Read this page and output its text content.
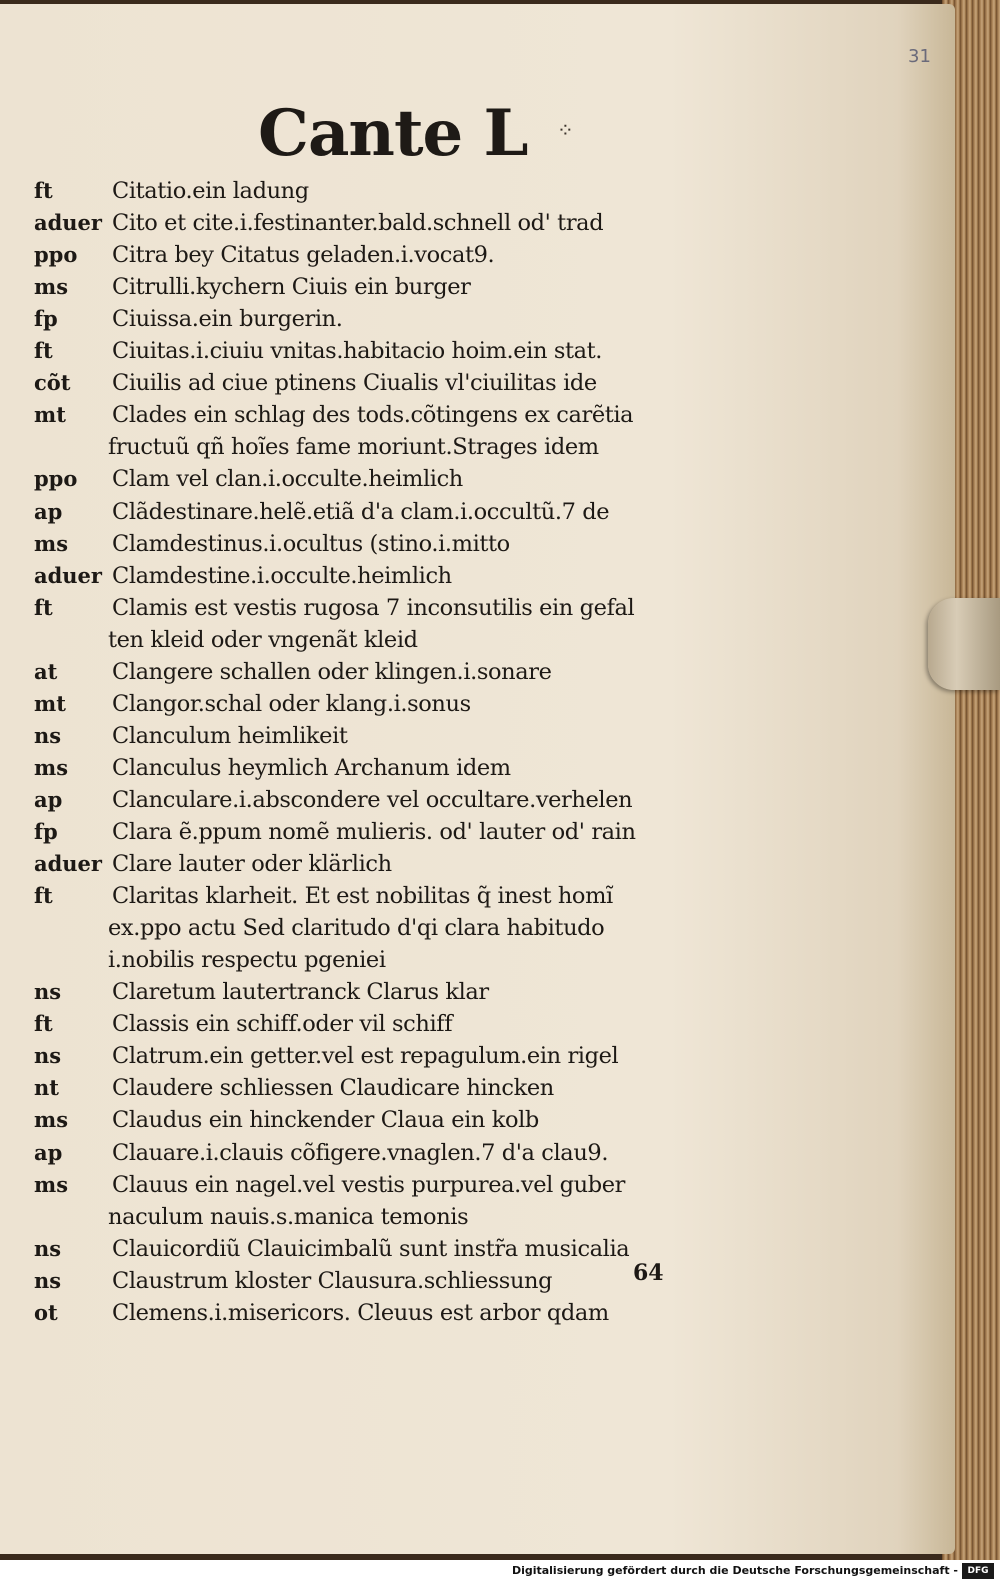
31
Cante L ⁘
ft	Citatio.ein ladung
aduer Cito et cite.i.festinanter.bald.schnell od' trad
ppo	Citra bey Citatus geladen.i.vocat9.
ms	Citrulli.kychern Ciuis ein burger
fp	Ciuissa.ein burgerin.
ft	Ciuitas.i.ciuiu vnitas.habitacio hoim.ein stat.
cõt	Ciuilis ad ciue ptinens Ciualis vl'ciuilitas ide
mt	Clades ein schlag des tods.cõtingens ex carẽtia
fructuũ qñ hoĩes fame moriunt.Strages idem
ppo	Clam vel clan.i.occulte.heimlich
ap	Clãdestinare.helẽ.etiã d'a clam.i.occultũ.7 de
ms	Clamdestinus.i.ocultus (stino.i.mitto
aduer Clamdestine.i.occulte.heimlich
ft	Clamis est vestis rugosa 7 inconsutilis ein gefal
ten kleid oder vngenãt kleid
at	Clangere schallen oder klingen.i.sonare
mt	Clangor.schal oder klang.i.sonus
ns	Clanculum heimlikeit
ms	Clanculus heymlich Archanum idem
ap	Clanculare.i.abscondere vel occultare.verhelen
fp	Clara ẽ.ppum nomẽ mulieris. od' lauter od' rain
aduer Clare lauter oder klärlich
ft	Claritas klarheit. Et est nobilitas q̃ inest homĩ
ex.ppo actu Sed claritudo d'qi clara habitudo
i.nobilis respectu pgeniei
ns	Claretum lautertranck Clarus klar
ft	Classis ein schiff.oder vil schiff
ns	Clatrum.ein getter.vel est repagulum.ein rigel
nt	Claudere schliessen Claudicare hincken
ms	Claudus ein hinckender Claua ein kolb
ap	Clauare.i.clauis cõfigere.vnaglen.7 d'a clau9.
ms	Clauus ein nagel.vel vestis purpurea.vel guber
naculum nauis.s.manica temonis
ns	Clauicordiũ Clauicimbalũ sunt instr̃a musicalia
ns	Claustrum kloster Clausura.schliessung
ot	Clemens.i.misericors. Cleuus est arbor qdam
64
Digitalisierung gefördert durch die Deutsche Forschungsgemeinschaft -	DFG
